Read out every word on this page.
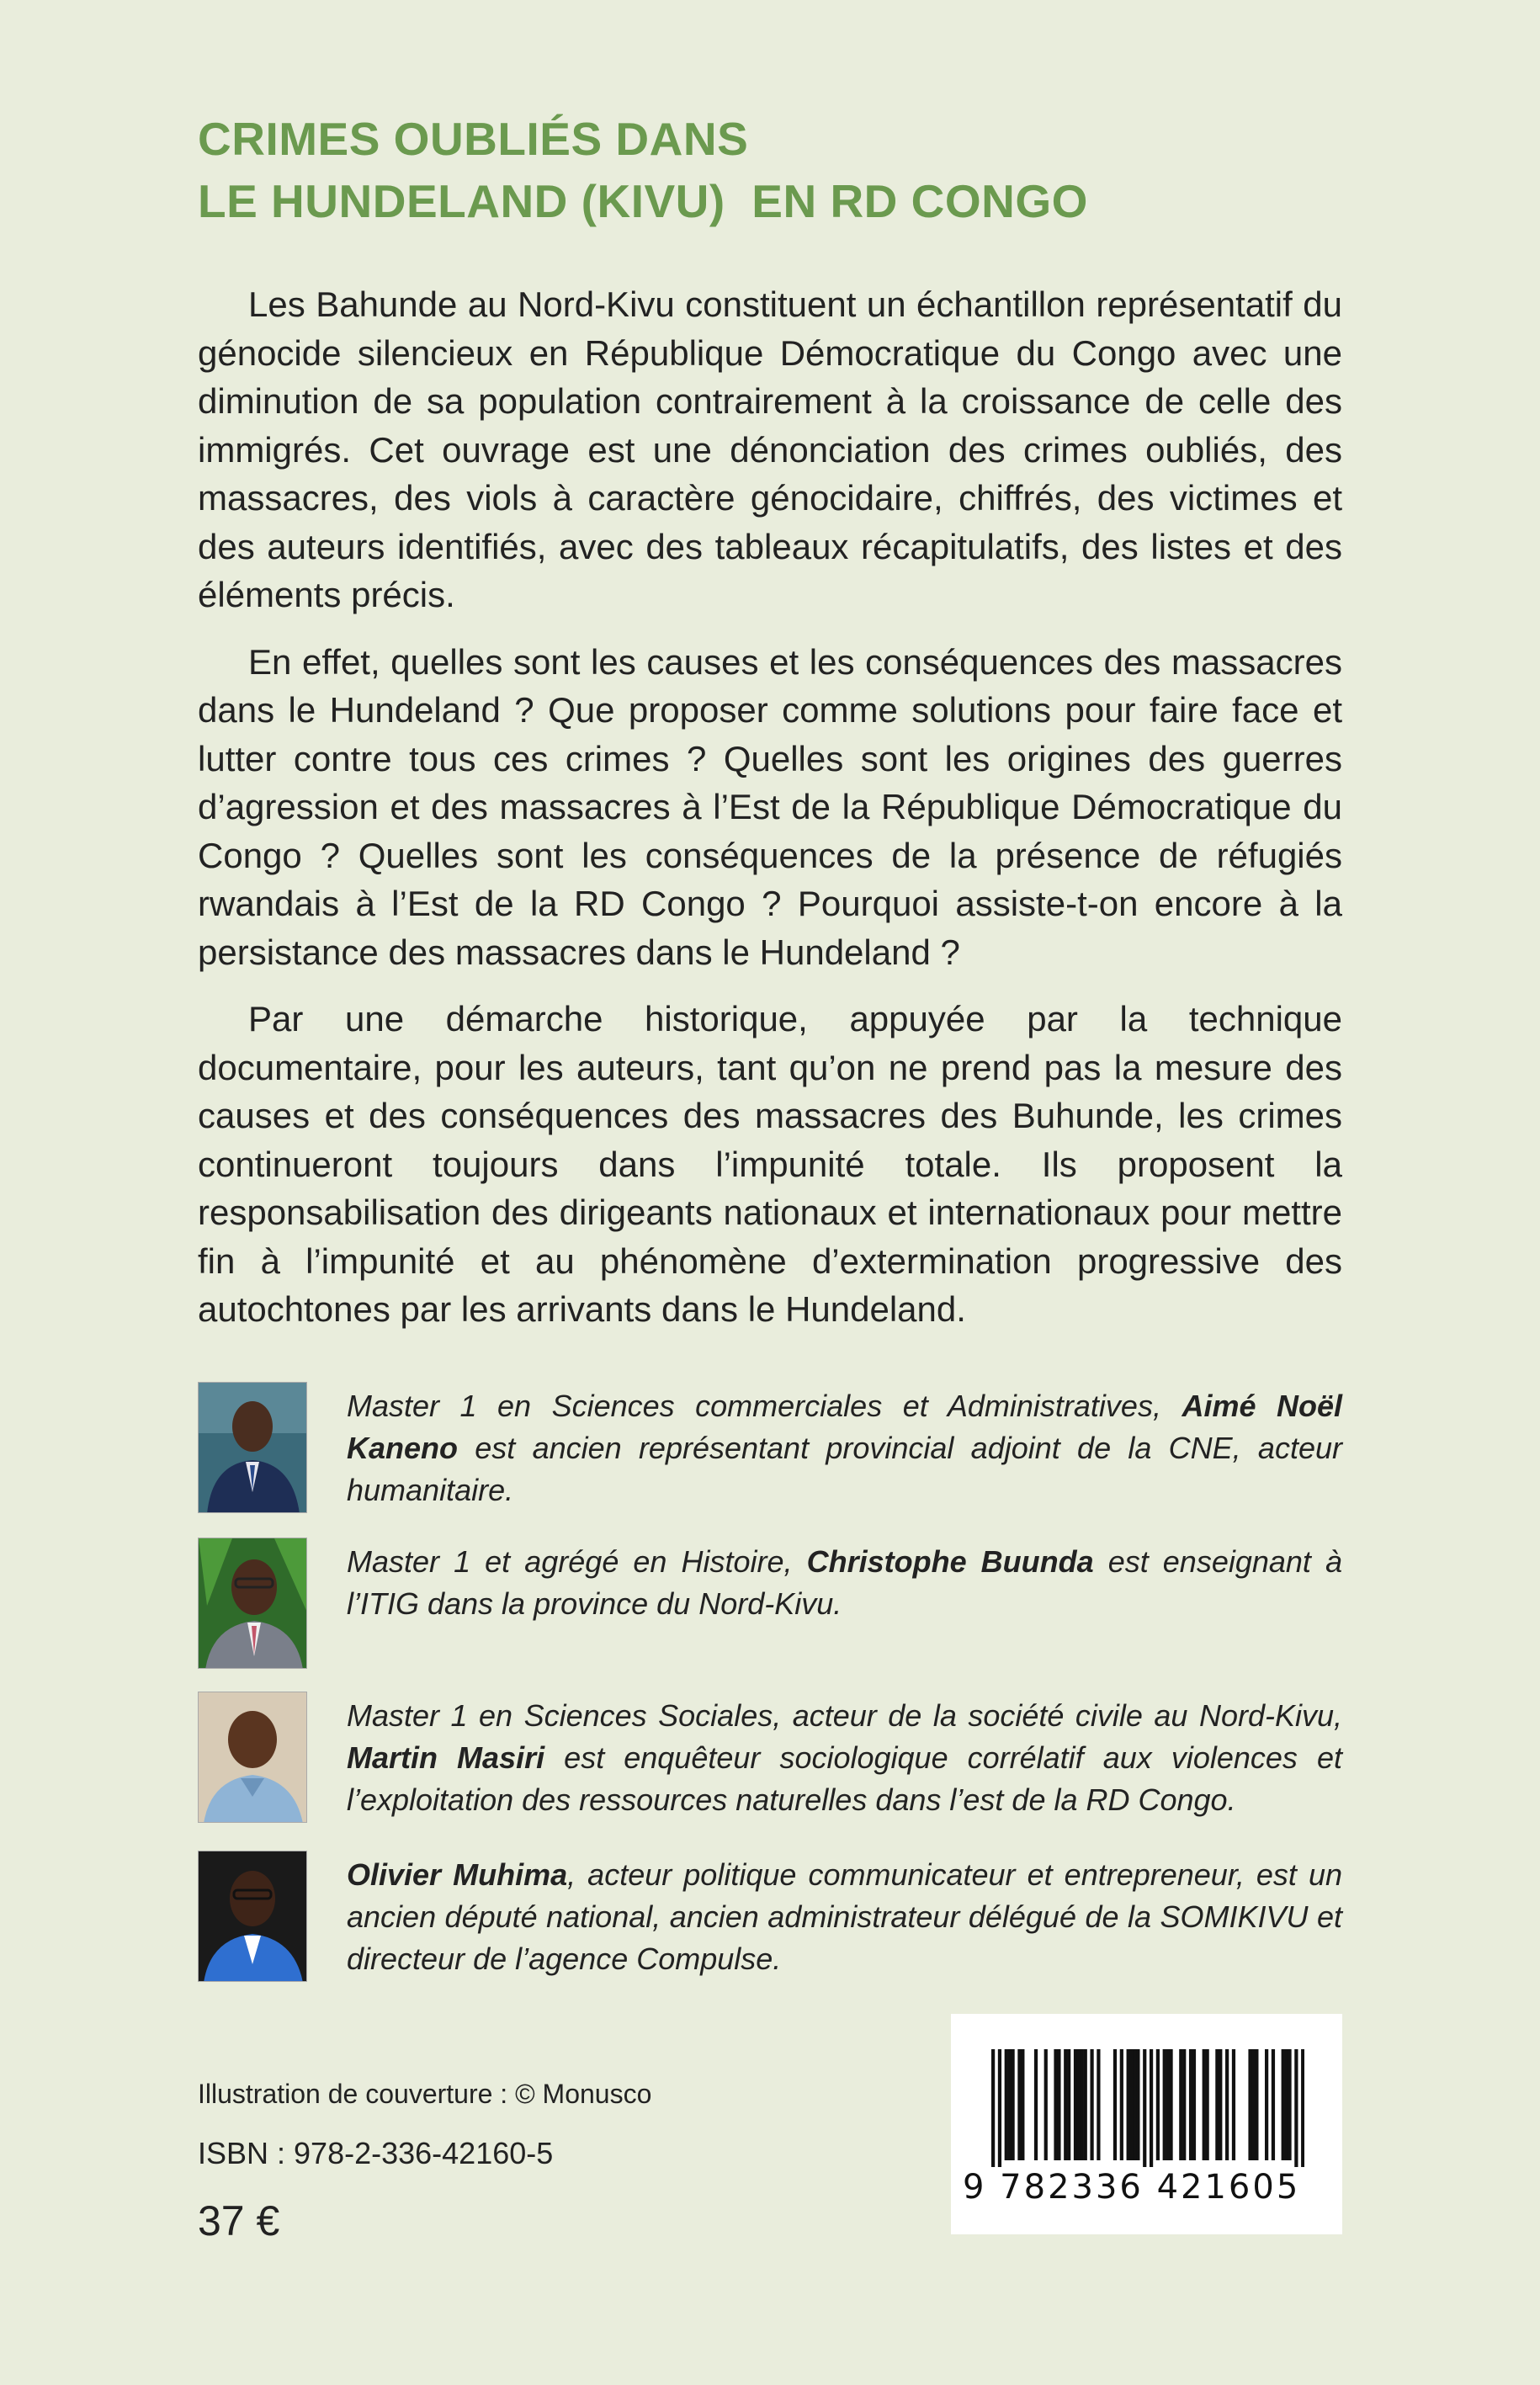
CRIMES OUBLIÉS DANS
LE HUNDELAND (KIVU)  EN RD CONGO

Les Bahunde au Nord-Kivu constituent un échantillon représentatif du génocide silencieux en République Démocratique du Congo avec une diminution de sa population contrairement à la croissance de celle des immigrés. Cet ouvrage est une dénonciation des crimes oubliés, des massacres, des viols à caractère génocidaire, chiffrés, des victimes et des auteurs identifiés, avec des tableaux récapitulatifs, des listes et des éléments précis.

En effet, quelles sont les causes et les conséquences des massacres dans le Hundeland ? Que proposer comme solutions pour faire face et lutter contre tous ces crimes ? Quelles sont les origines des guerres d’agression et des massacres à l’Est de la République Démocratique du Congo ? Quelles sont les conséquences de la présence de réfugiés rwandais à l’Est de la RD Congo ? Pourquoi assiste-t-on encore à la persistance des massacres dans le Hundeland ?

Par une démarche historique, appuyée par la technique documentaire, pour les auteurs, tant qu’on ne prend pas la mesure des causes et des conséquences des massacres des Buhunde, les crimes continueront toujours dans l’impunité totale. Ils proposent la responsabilisation des dirigeants nationaux et internationaux pour mettre fin à l’impunité et au phénomène d’extermination progressive des autochtones par les arrivants dans le Hundeland.

Master 1 en Sciences commerciales et Administratives, Aimé Noël Kaneno est ancien représentant provincial adjoint de la CNE, acteur humanitaire.
Master 1 et agrégé en Histoire, Christophe Buunda est enseignant à l’ITIG dans la province du Nord-Kivu.
Master 1 en Sciences Sociales, acteur de la société civile au Nord-Kivu, Martin Masiri est enquêteur sociologique corrélatif aux violences et l’exploitation des ressources naturelles dans l’est de la RD Congo.
Olivier Muhima, acteur politique communicateur et entrepreneur, est un ancien député national, ancien administrateur délégué de la SOMIKIVU et directeur de l’agence Compulse.
Illustration de couverture : © Monusco
ISBN : 978-2-336-42160-5
37 €
9 782336 421605
